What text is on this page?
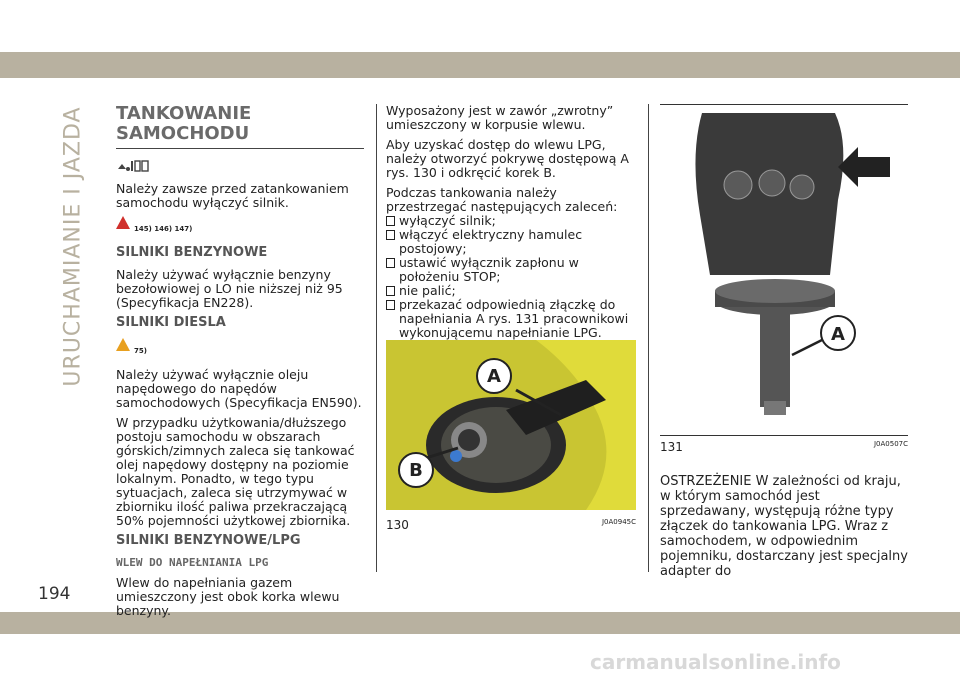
URUCHAMIANIE I JAZDA TANKOWANIE SAMOCHODU

Należy zawsze przed zatankowaniem samochodu wyłączyć silnik.

145) 146) 147)
SILNIKI BENZYNOWE

Należy używać wyłącznie benzyny bezołowiowej o LO nie niższej niż 95 (Specyfikacja EN228).

SILNIKI DIESLA
75)

Należy używać wyłącznie oleju napędowego do napędów samochodowych (Specyfikacja EN590).

W przypadku użytkowania/dłuższego postoju samochodu w obszarach górskich/zimnych zaleca się tankować olej napędowy dostępny na poziomie lokalnym. Ponadto, w tego typu sytuacjach, zaleca się utrzymywać w zbiorniku ilość paliwa przekraczającą 50% pojemności użytkowej zbiornika.

SILNIKI BENZYNOWE/LPG
WLEW DO NAPEŁNIANIA LPG

Wlew do napełniania gazem umieszczony jest obok korka wlewu benzyny.

Wyposażony jest w zawór „zwrotny” umieszczony w korpusie wlewu.

Aby uzyskać dostęp do wlewu LPG, należy otworzyć pokrywę dostępową A rys. 130 i odkręcić korek B.

Podczas tankowania należy przestrzegać następujących zaleceń:

wyłączyć silnik;
włączyć elektryczny hamulec postojowy;
ustawić wyłącznik zapłonu w położeniu STOP;
nie palić;
przekazać odpowiednią złączkę do napełniania A rys. 131 pracownikowi wykonującemu napełnianie LPG.
A
B
130	J0A0945C
A
131	J0A0507C

OSTRZEŻENIE W zależności od kraju, w którym samochód jest sprzedawany, występują różne typy złączek do tankowania LPG. Wraz z samochodem, w odpowiednim pojemniku, dostarczany jest specjalny adapter do

194
carmanualsonline.info
